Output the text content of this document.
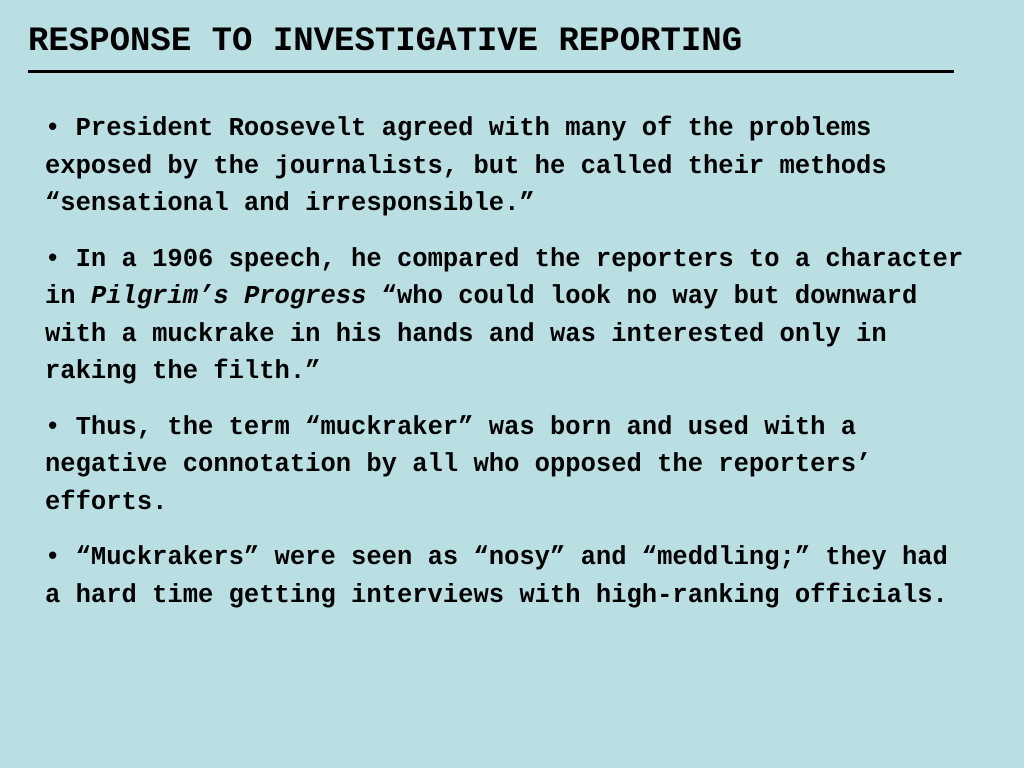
RESPONSE TO INVESTIGATIVE REPORTING

• President Roosevelt agreed with many of the problems exposed by the journalists, but he called their methods “sensational and irresponsible.”

• In a 1906 speech, he compared the reporters to a character in Pilgrim’s Progress “who could look no way but downward with a muckrake in his hands and was interested only in raking the filth.”

• Thus, the term “muckraker” was born and used with a negative connotation by all who opposed the reporters’ efforts.

• “Muckrakers” were seen as “nosy” and “meddling;” they had a hard time getting interviews with high-ranking officials.
